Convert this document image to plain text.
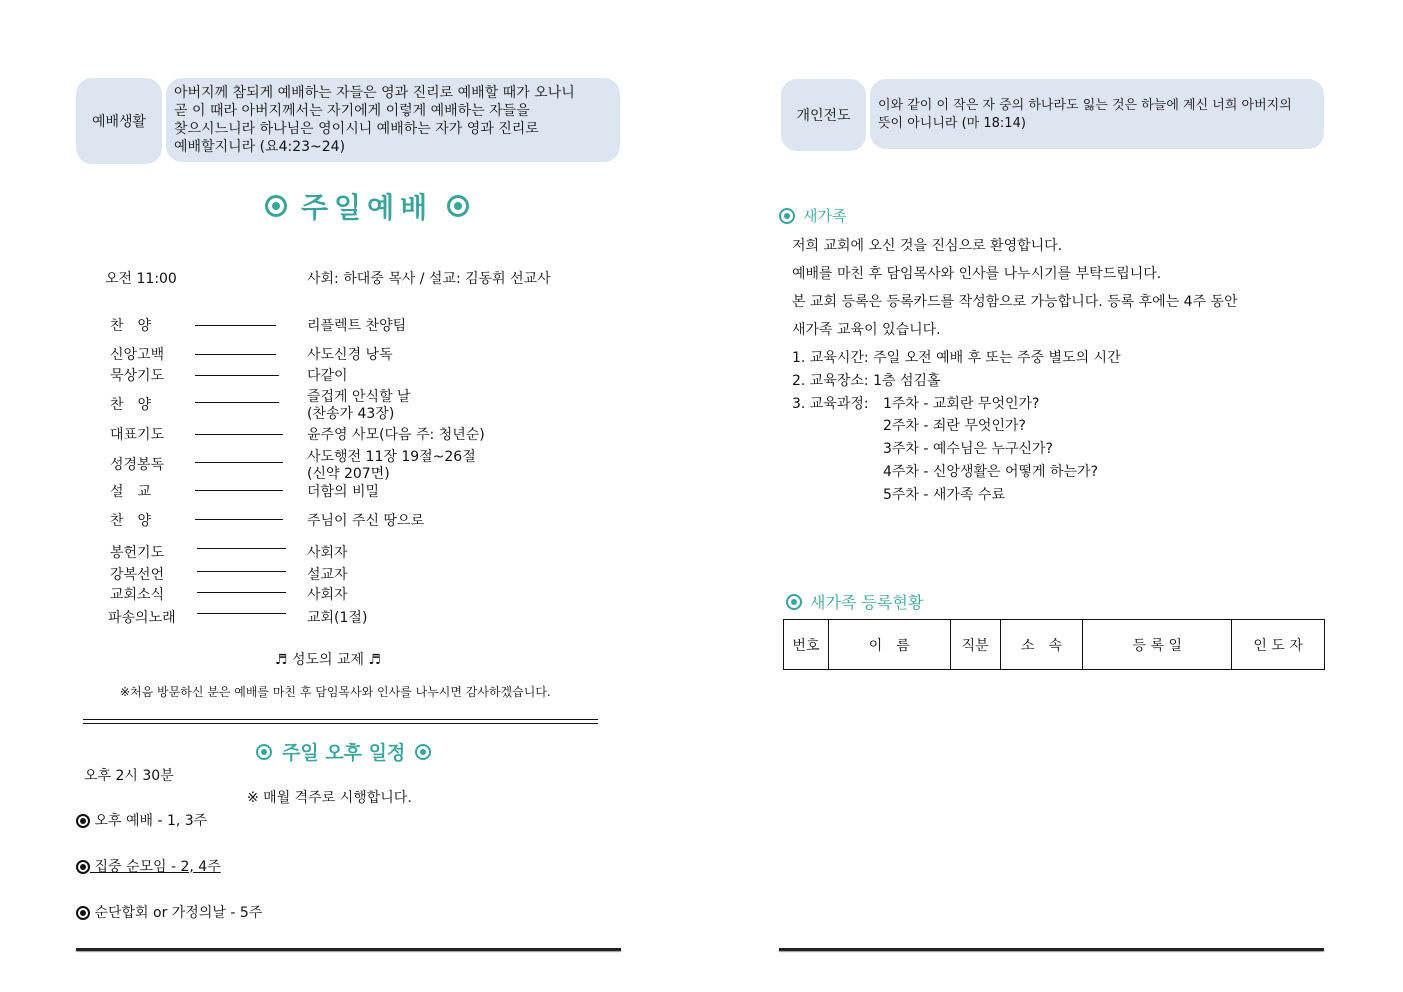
예배생활
아버지께 참되게 예배하는 자들은 영과 진리로 예배할 때가 오나니
곧 이 때라 아버지께서는 자기에게 이렇게 예배하는 자들을
찾으시느니라 하나님은 영이시니 예배하는 자가 영과 진리로
예배할지니라 (요4:23~24)
주일예배
오전 11:00	사회: 하대중 목사 / 설교: 김동휘 선교사
찬　양	리플렉트 찬양팀
신앙고백	사도신경 낭독
묵상기도	다같이
찬　양	즐겁게 안식할 날
(찬송가 43장)
대표기도	윤주영 사모(다음 주: 청년순)
성경봉독	사도행전 11장 19절~26절
(신약 207면)
설　교	더함의 비밀
찬　양	주님이 주신 땅으로
봉헌기도	사회자
강복선언	설교자
교회소식	사회자
파송의노래	교회(1절)
♬ 성도의 교제 ♬
※처음 방문하신 분은 예배를 마친 후 담임목사와 인사를 나누시면 감사하겠습니다.
주일 오후 일정
오후 2시 30분
※ 매월 격주로 시행합니다.
오후 예배 - 1, 3주
집중 순모임 - 2, 4주
순단합회 or 가정의날 - 5주
개인전도
이와 같이 이 작은 자 중의 하나라도 잃는 것은 하늘에 계신 너희 아버지의
뜻이 아니니라 (마 18:14)
새가족
저희 교회에 오신 것을 진심으로 환영합니다.
예배를 마친 후 담임목사와 인사를 나누시기를 부탁드립니다.
본 교회 등록은 등록카드를 작성함으로 가능합니다. 등록 후에는 4주 동안
새가족 교육이 있습니다.
1. 교육시간: 주일 오전 예배 후 또는 주중 별도의 시간
2. 교육장소: 1층 섬김홀
3. 교육과정: 1주차 - 교회란 무엇인가?
2주차 - 죄란 무엇인가?
3주차 - 예수님은 누구신가?
4주차 - 신앙생활은 어떻게 하는가?
5주차 - 새가족 수료
새가족 등록현황
번호	이　름	직분	소　속	등 록 일	인 도 자
